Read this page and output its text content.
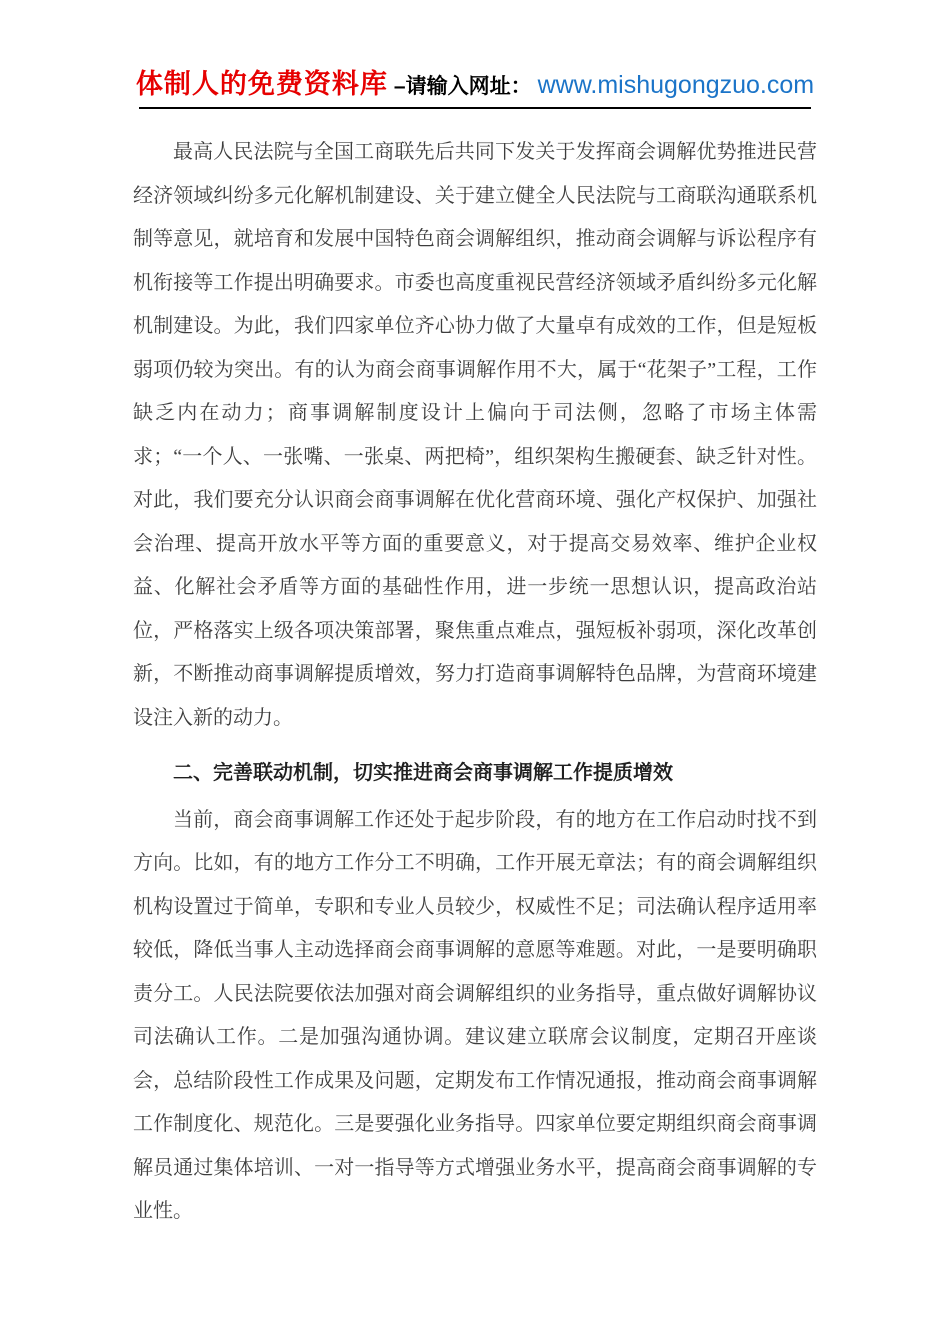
体制人的免费资料库 –请输入网址： www.mishugongzuo.com

最高人民法院与全国工商联先后共同下发关于发挥商会调解优势推进民营经济领域纠纷多元化解机制建设、关于建立健全人民法院与工商联沟通联系机制等意见，就培育和发展中国特色商会调解组织，推动商会调解与诉讼程序有机衔接等工作提出明确要求。市委也高度重视民营经济领域矛盾纠纷多元化解机制建设。为此，我们四家单位齐心协力做了大量卓有成效的工作，但是短板弱项仍较为突出。有的认为商会商事调解作用不大，属于“花架子”工程，工作缺乏内在动力；商事调解制度设计上偏向于司法侧，忽略了市场主体需求；“一个人、一张嘴、一张桌、两把椅”，组织架构生搬硬套、缺乏针对性。对此，我们要充分认识商会商事调解在优化营商环境、强化产权保护、加强社会治理、提高开放水平等方面的重要意义，对于提高交易效率、维护企业权益、化解社会矛盾等方面的基础性作用，进一步统一思想认识，提高政治站位，严格落实上级各项决策部署，聚焦重点难点，强短板补弱项，深化改革创新，不断推动商事调解提质增效，努力打造商事调解特色品牌，为营商环境建设注入新的动力。

二、完善联动机制，切实推进商会商事调解工作提质增效

当前，商会商事调解工作还处于起步阶段，有的地方在工作启动时找不到方向。比如，有的地方工作分工不明确，工作开展无章法；有的商会调解组织机构设置过于简单，专职和专业人员较少，权威性不足；司法确认程序适用率较低，降低当事人主动选择商会商事调解的意愿等难题。对此，一是要明确职责分工。人民法院要依法加强对商会调解组织的业务指导，重点做好调解协议司法确认工作。二是加强沟通协调。建议建立联席会议制度，定期召开座谈会，总结阶段性工作成果及问题，定期发布工作情况通报，推动商会商事调解工作制度化、规范化。三是要强化业务指导。四家单位要定期组织商会商事调解员通过集体培训、一对一指导等方式增强业务水平，提高商会商事调解的专业性。
